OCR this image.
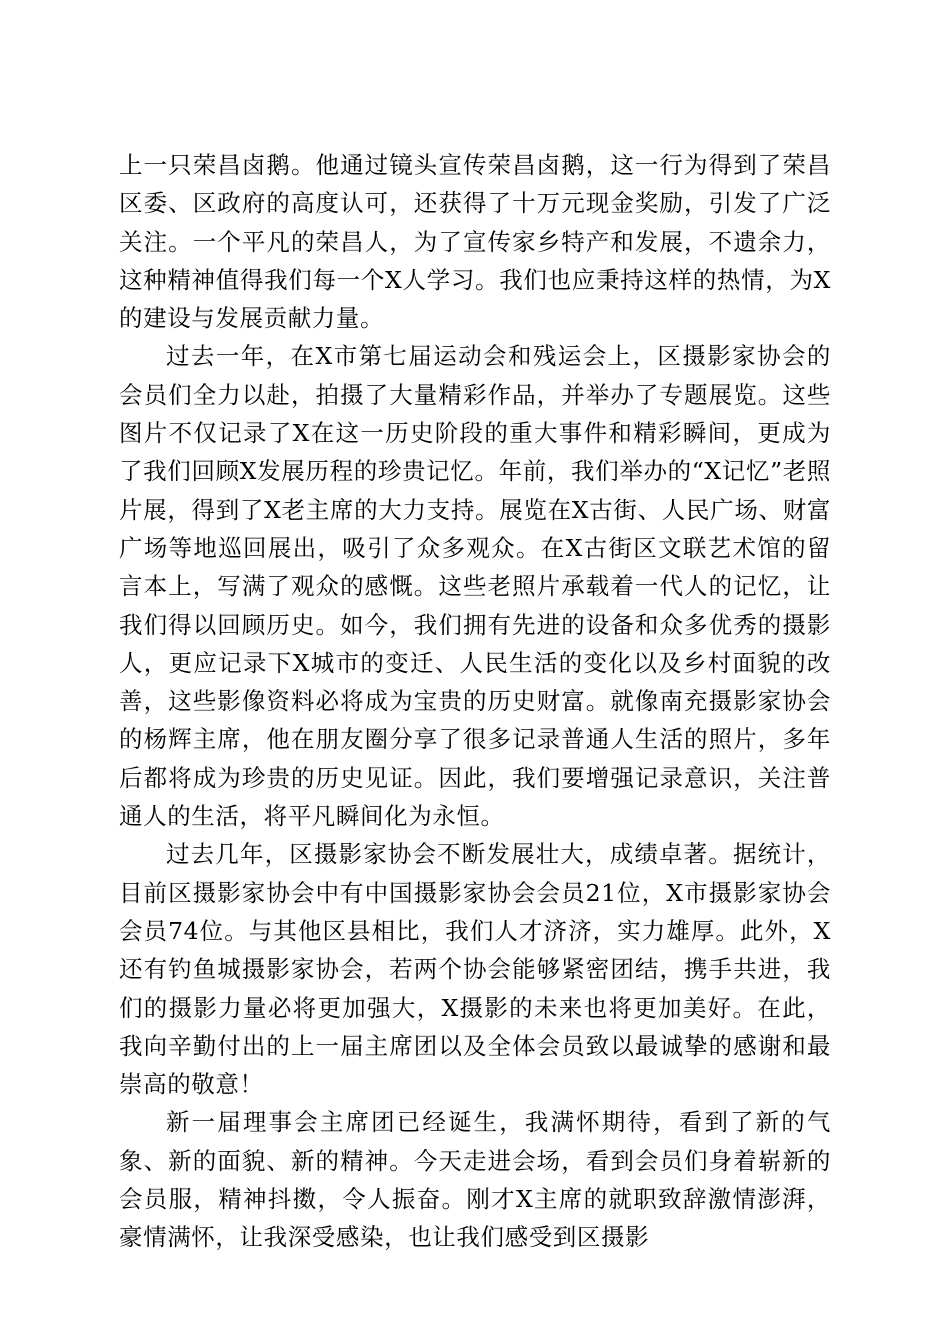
上一只荣昌卤鹅。他通过镜头宣传荣昌卤鹅，这一行为得到了荣昌区委、区政府的高度认可，还获得了十万元现金奖励，引发了广泛关注。一个平凡的荣昌人，为了宣传家乡特产和发展，不遗余力，这种精神值得我们每一个X人学习。我们也应秉持这样的热情，为X的建设与发展贡献力量。

过去一年，在X市第七届运动会和残运会上，区摄影家协会的会员们全力以赴，拍摄了大量精彩作品，并举办了专题展览。这些图片不仅记录了X在这一历史阶段的重大事件和精彩瞬间，更成为了我们回顾X发展历程的珍贵记忆。年前，我们举办的“X记忆”老照片展，得到了X老主席的大力支持。展览在X古街、人民广场、财富广场等地巡回展出，吸引了众多观众。在X古街区文联艺术馆的留言本上，写满了观众的感慨。这些老照片承载着一代人的记忆，让我们得以回顾历史。如今，我们拥有先进的设备和众多优秀的摄影人，更应记录下X城市的变迁、人民生活的变化以及乡村面貌的改善，这些影像资料必将成为宝贵的历史财富。就像南充摄影家协会的杨辉主席，他在朋友圈分享了很多记录普通人生活的照片，多年后都将成为珍贵的历史见证。因此，我们要增强记录意识，关注普通人的生活，将平凡瞬间化为永恒。

过去几年，区摄影家协会不断发展壮大，成绩卓著。据统计，目前区摄影家协会中有中国摄影家协会会员21位，X市摄影家协会会员74位。与其他区县相比，我们人才济济，实力雄厚。此外，X还有钓鱼城摄影家协会，若两个协会能够紧密团结，携手共进，我们的摄影力量必将更加强大，X摄影的未来也将更加美好。在此，我向辛勤付出的上一届主席团以及全体会员致以最诚挚的感谢和最崇高的敬意！

新一届理事会主席团已经诞生，我满怀期待，看到了新的气象、新的面貌、新的精神。今天走进会场，看到会员们身着崭新的会员服，精神抖擞，令人振奋。刚才X主席的就职致辞激情澎湃，豪情满怀，让我深受感染，也让我们感受到区摄影
